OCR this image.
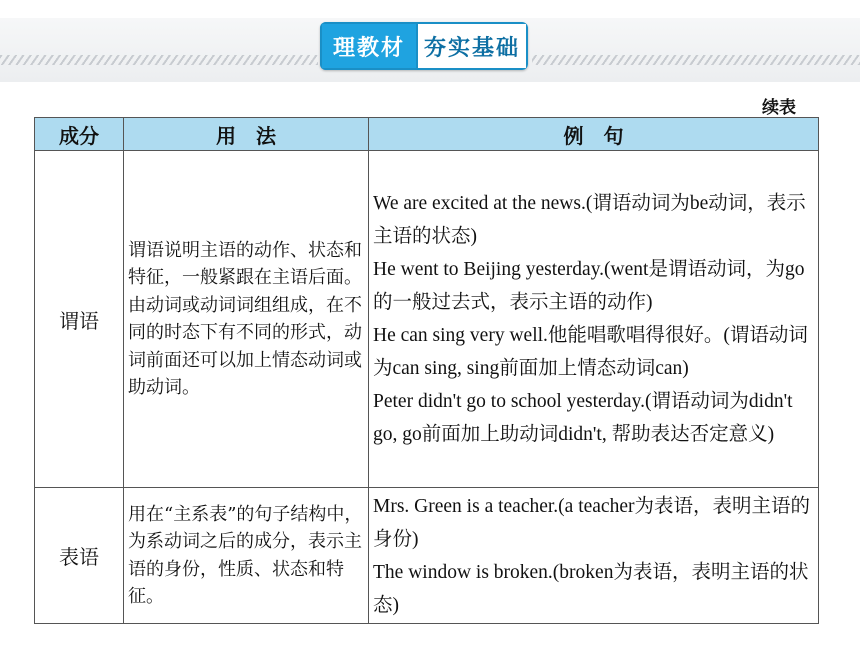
理教材 夯实基础
续表
成分	用　法	例　句
谓语	谓语说明主语的动作、状态和特征，一般紧跟在主语后面。由动词或动词词组组成，在不同的时态下有不同的形式，动词前面还可以加上情态动词或助动词。	We are excited at the news.(谓语动词为be动词，表示主语的状态)
He went to Beijing yesterday.(went是谓语动词，为go的一般过去式，表示主语的动作)
He can sing very well.他能唱歌唱得很好。(谓语动词为can sing, sing前面加上情态动词can)
Peter didn't go to school yesterday.(谓语动词为didn't go, go前面加上助动词didn't, 帮助表达否定意义)

表语	用在“主系表”的句子结构中，为系动词之后的成分，表示主语的身份，性质、状态和特征。	Mrs. Green is a teacher.(a teacher为表语，表明主语的身份)
The window is broken.(broken为表语，表明主语的状态)
